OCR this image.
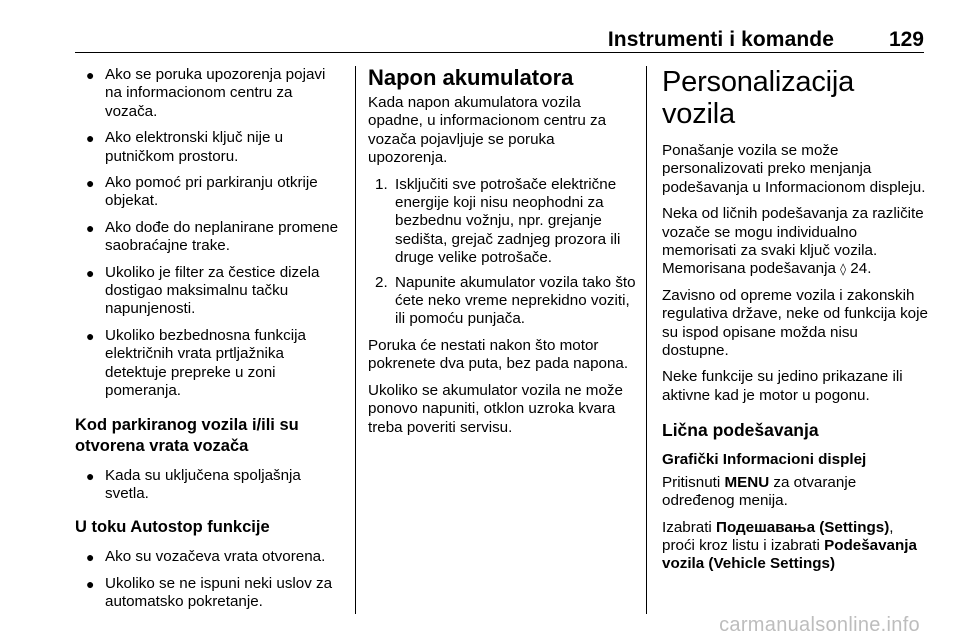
Instrumenti i komande	129
● Ako se poruka upozorenja pojavi na informacionom centru za vozača.
● Ako elektronski ključ nije u putničkom prostoru.
● Ako pomoć pri parkiranju otkrije objekat.
● Ako dođe do neplanirane promene saobraćajne trake.
● Ukoliko je filter za čestice dizela dostigao maksimalnu tačku napunjenosti.
● Ukoliko bezbednosna funkcija električnih vrata prtljažnika detektuje prepreke u zoni pomeranja.
Kod parkiranog vozila i/ili su otvorena vrata vozača
● Kada su uključena spoljašnja svetla.
U toku Autostop funkcije
● Ako su vozačeva vrata otvorena.
● Ukoliko se ne ispuni neki uslov za automatsko pokretanje.
Napon akumulatora

Kada napon akumulatora vozila opadne, u informacionom centru za vozača pojavljuje se poruka upozorenja.

1. Isključiti sve potrošače električne energije koji nisu neophodni za bezbednu vožnju, npr. grejanje sedišta, grejač zadnjeg prozora ili druge velike potrošače.
2. Napunite akumulator vozila tako što ćete neko vreme neprekidno voziti, ili pomoću punjača.

Poruka će nestati nakon što motor pokrenete dva puta, bez pada napona.

Ukoliko se akumulator vozila ne može ponovo napuniti, otklon uzroka kvara treba poveriti servisu.

Personalizacija vozila

Ponašanje vozila se može personalizovati preko menjanja podešavanja u Informacionom displeju.

Neka od ličnih podešavanja za različite vozače se mogu individualno memorisati za svaki ključ vozila. Memorisana podešavanja ◊ 24.

Zavisno od opreme vozila i zakonskih regulativa države, neke od funkcija koje su ispod opisane možda nisu dostupne.

Neke funkcije su jedino prikazane ili aktivne kad je motor u pogonu.

Lična podešavanja
Grafički Informacioni displej

Pritisnuti MENU za otvaranje određenog menija.

Izabrati Подешавања (Settings), proći kroz listu i izabrati Podešavanja vozila (Vehicle Settings)

carmanualsonline.info
